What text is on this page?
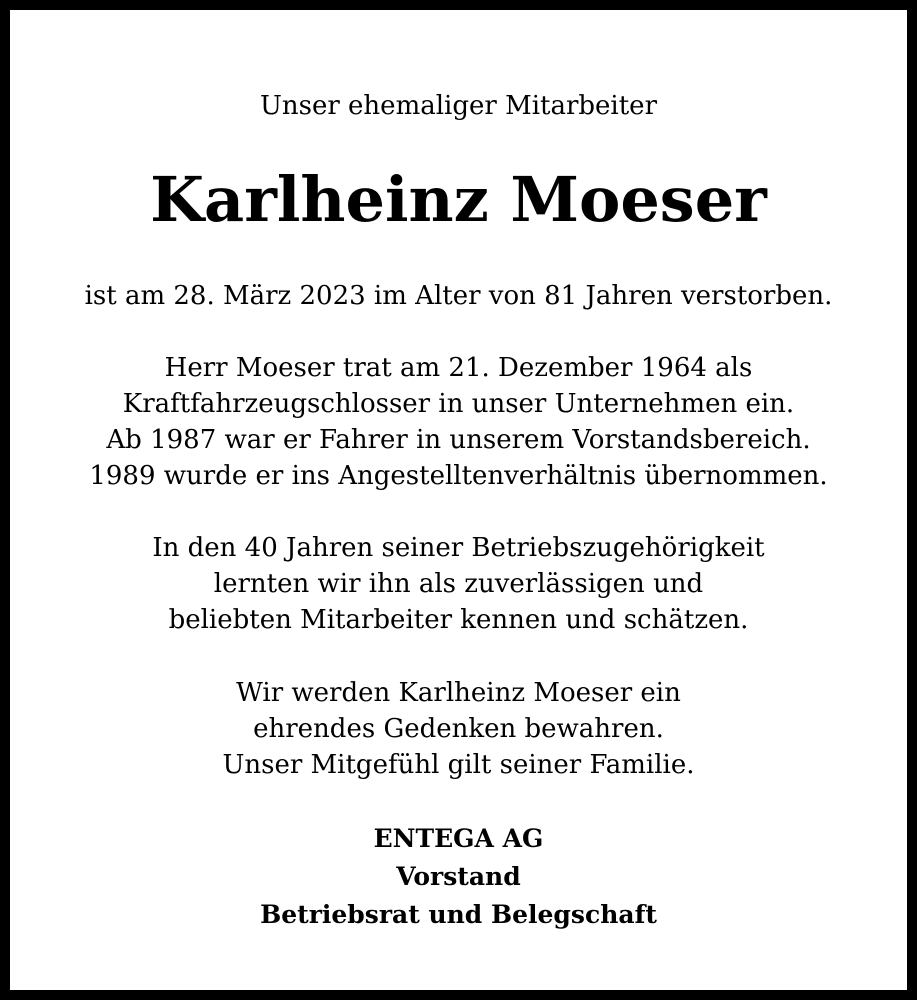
Unser ehemaliger Mitarbeiter
Karlheinz Moeser
ist am 28. März 2023 im Alter von 81 Jahren verstorben.
Herr Moeser trat am 21. Dezember 1964 als
Kraftfahrzeugschlosser in unser Unternehmen ein.
Ab 1987 war er Fahrer in unserem Vorstandsbereich.
1989 wurde er ins Angestelltenverhältnis übernommen.
In den 40 Jahren seiner Betriebszugehörigkeit
lernten wir ihn als zuverlässigen und
beliebten Mitarbeiter kennen und schätzen.
Wir werden Karlheinz Moeser ein
ehrendes Gedenken bewahren.
Unser Mitgefühl gilt seiner Familie.
ENTEGA AG
Vorstand
Betriebsrat und Belegschaft
